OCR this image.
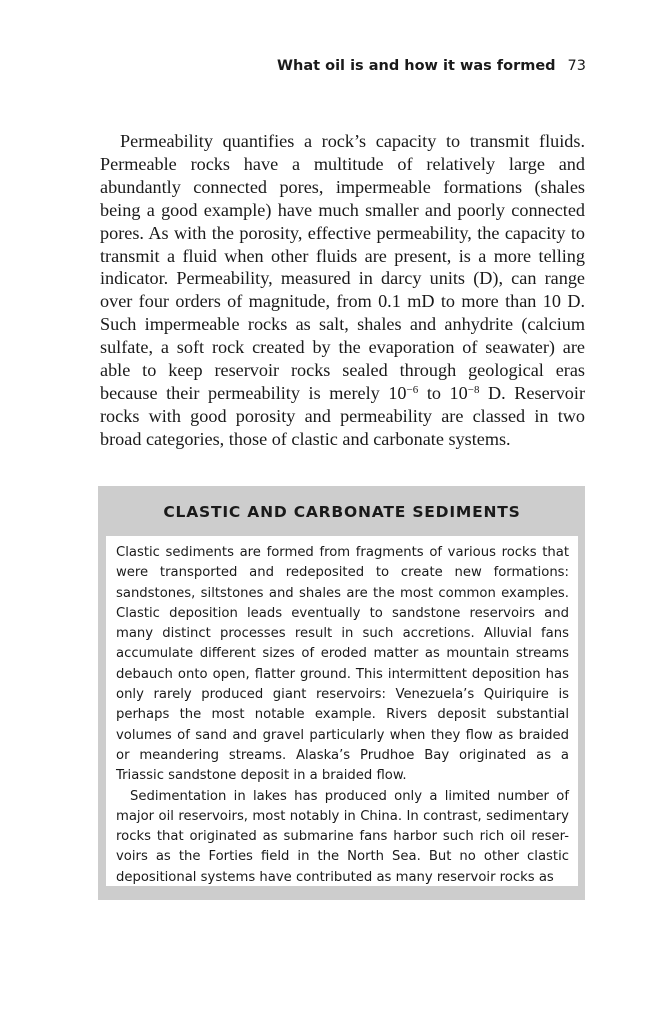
What oil is and how it was formed 73

Permeability quantifies a rock’s capacity to transmit fluids. Permeable rocks have a multitude of relatively large and abundantly connected pores, impermeable formations (shales being a good example) have much smaller and poorly connected pores. As with the porosity, effective permeability, the capacity to transmit a fluid when other fluids are present, is a more telling indicator. Permeability, measured in darcy units (D), can range over four orders of magnitude, from 0.1 mD to more than 10 D. Such impermeable rocks as salt, shales and anhydrite (calcium sulfate, a soft rock created by the evaporation of seawater) are able to keep reservoir rocks sealed through geological eras because their permeability is merely $10^{-6}$ to $10^{-8}$ D. Reservoir rocks with good porosity and permeability are classed in two broad categories, those of clastic and carbonate systems.

CLASTIC AND CARBONATE SEDIMENTS

Clastic sediments are formed from fragments of various rocks that were transported and redeposited to create new formations: sandstones, siltstones and shales are the most common examples. Clastic deposition leads eventually to sandstone reservoirs and many distinct processes result in such accretions. Alluvial fans accumulate different sizes of eroded matter as mountain streams debauch onto open, flatter ground. This intermittent deposition has only rarely produced giant reservoirs: Venezuela’s Quiriquire is perhaps the most notable example. Rivers deposit substantial volumes of sand and gravel particularly when they flow as braided or meandering streams. Alaska’s Prudhoe Bay originated as a Triassic sandstone deposit in a braided flow.

Sedimentation in lakes has produced only a limited number of major oil reservoirs, most notably in China. In contrast, sedimentary rocks that originated as submarine fans harbor such rich oil reser-voirs as the Forties field in the North Sea. But no other clastic depositional systems have contributed as many reservoir rocks as
